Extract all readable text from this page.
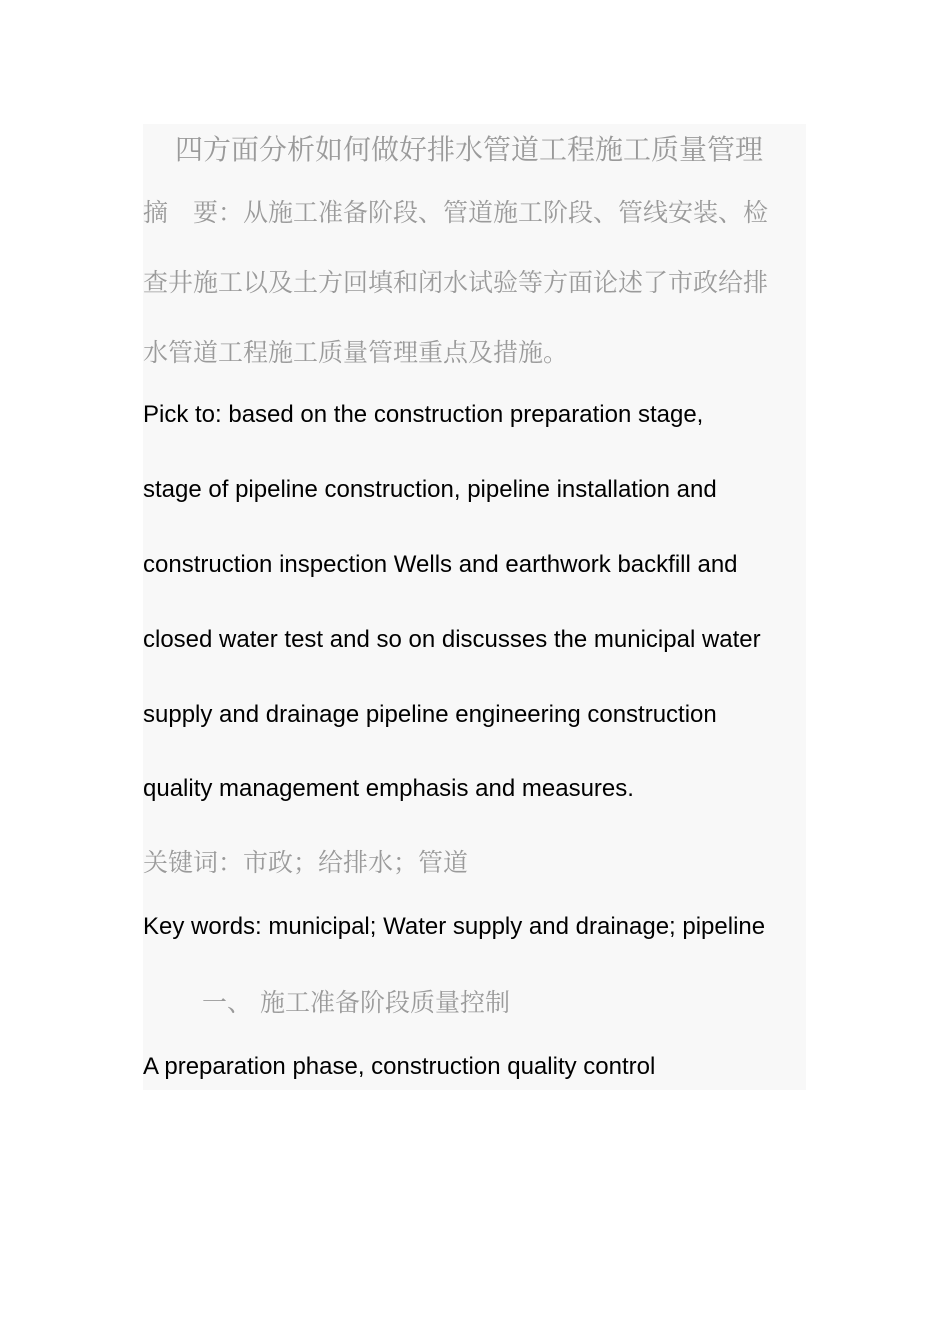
四方面分析如何做好排水管道工程施工质量管理
摘 要：从施工准备阶段、管道施工阶段、管线安装、检
查井施工以及土方回填和闭水试验等方面论述了市政给排
水管道工程施工质量管理重点及措施。
Pick to: based on the construction preparation stage,
stage of pipeline construction, pipeline installation and
construction inspection Wells and earthwork backfill and
closed water test and so on discusses the municipal water
supply and drainage pipeline engineering construction
quality management emphasis and measures.
关键词：市政；给排水；管道
Key words: municipal; Water supply and drainage; pipeline
一、 施工准备阶段质量控制
A preparation phase, construction quality control
